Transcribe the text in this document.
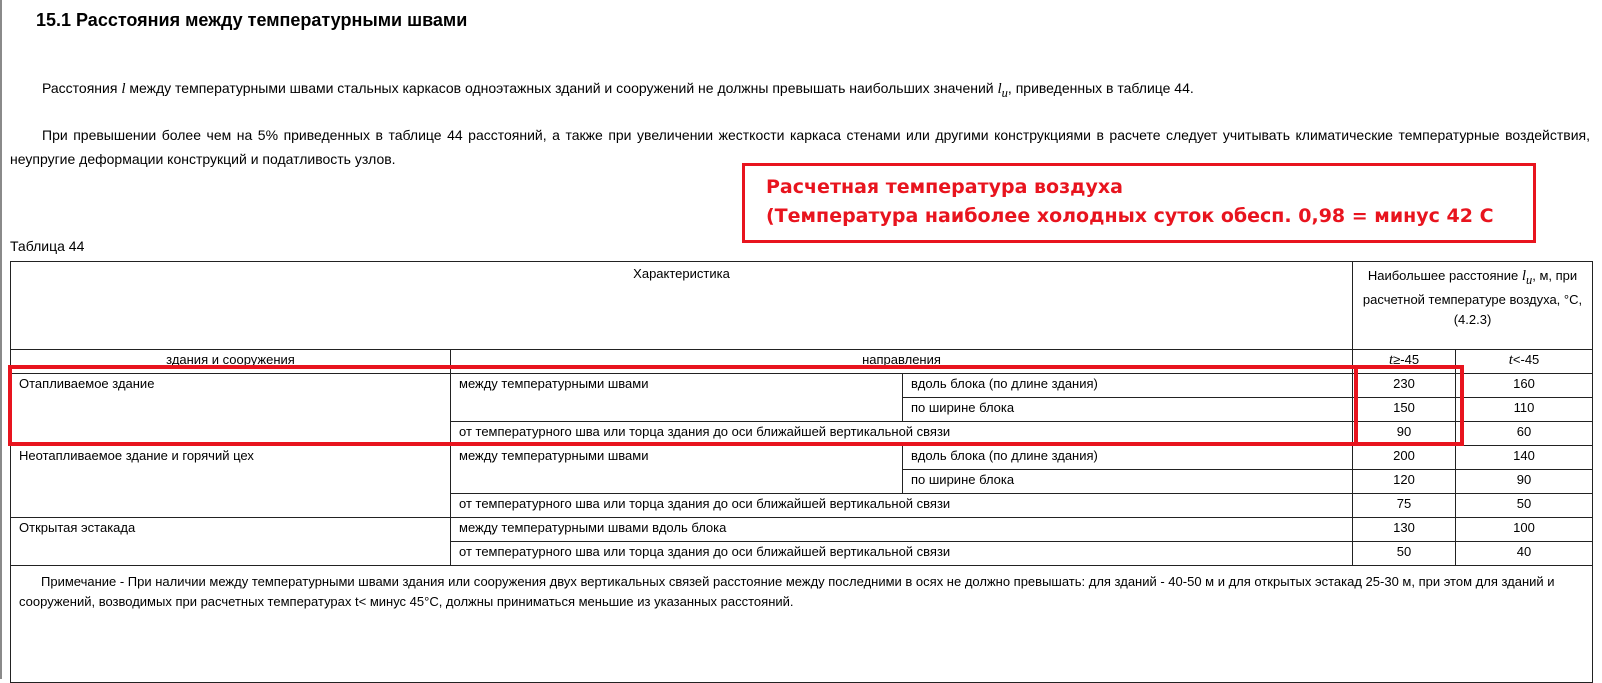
15.1 Расстояния между температурными швами
Расстояния l между температурными швами стальных каркасов одноэтажных зданий и сооружений не должны превышать наибольших значений $l_u$, приведенных в таблице 44.
При превышении более чем на 5% приведенных в таблице 44 расстояний, а также при увеличении жесткости каркаса стенами или другими конструкциями в расчете следует учитывать климатические температурные воздействия, неупругие деформации конструкций и податливость узлов.
Расчетная температура воздуха
(Температура наиболее холодных суток обесп. 0,98 = минус 42 С
Таблица 44
Характеристика			Наибольшее расстояние $l_u$, м, при расчетной температуре воздуха, °С, (4.2.3)	
здания и сооружения	направления		t≥-45	t<-45
Отапливаемое здание	между температурными швами	вдоль блока (по длине здания)	230	160
		по ширине блока	150	110
	от температурного шва или торца здания до оси ближайшей вертикальной связи		90	60
Неотапливаемое здание и горячий цех	между температурными швами	вдоль блока (по длине здания)	200	140
		по ширине блока	120	90
	от температурного шва или торца здания до оси ближайшей вертикальной связи		75	50
Открытая эстакада	между температурными швами вдоль блока		130	100
	от температурного шва или торца здания до оси ближайшей вертикальной связи		50	40
Примечание - При наличии между температурными швами здания или сооружения двух вертикальных связей расстояние между последними в осях не должно превышать: для зданий - 40-50 м и для открытых эстакад 25-30 м, при этом для зданий и сооружений, возводимых при расчетных температурах t< минус 45°С, должны приниматься меньшие из указанных расстояний.				
